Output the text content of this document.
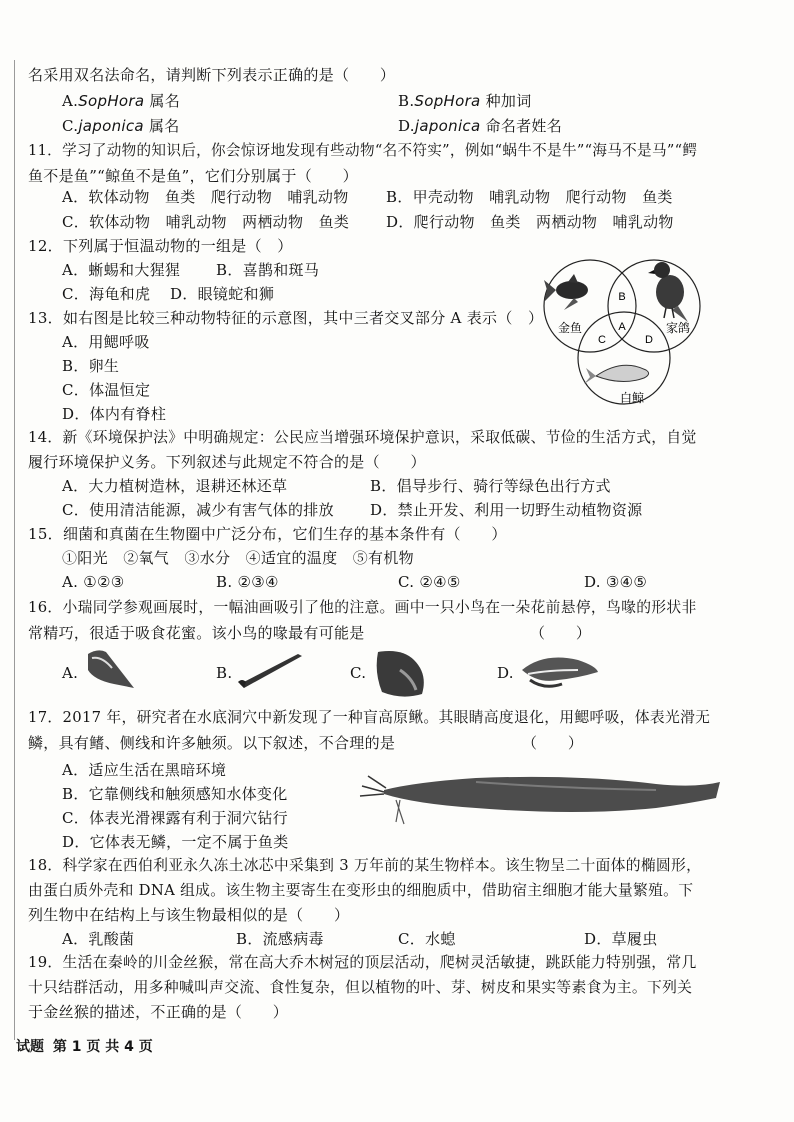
名采用双名法命名，请判断下列表示正确的是（　　）
A.SopHora 属名	B.SopHora 种加词
C.japonica 属名	D.japonica 命名者姓名
11．学习了动物的知识后，你会惊讶地发现有些动物“名不符实”，例如“蜗牛不是牛”“海马不是马”“鳄
鱼不是鱼”“鲸鱼不是鱼”，它们分别属于（　　）
A．软体动物　鱼类　爬行动物　哺乳动物 B．甲壳动物　哺乳动物　爬行动物　鱼类
C．软体动物　哺乳动物　两栖动物　鱼类 D．爬行动物　鱼类　两栖动物　哺乳动物
12．下列属于恒温动物的一组是（　）
A．蜥蜴和大猩猩 B．喜鹊和斑马
C．海龟和虎 D．眼镜蛇和狮
13．如右图是比较三种动物特征的示意图，其中三者交叉部分 A 表示（　）
A．用鳃呼吸
B．卵生
C．体温恒定
D．体内有脊柱
B
A
C	D
金鱼	家鸽
白鲸
14．新《环境保护法》中明确规定：公民应当增强环境保护意识，采取低碳、节俭的生活方式，自觉
履行环境保护义务。下列叙述与此规定不符合的是（　　）
A．大力植树造林，退耕还林还草	B．倡导步行、骑行等绿色出行方式
C．使用清洁能源，减少有害气体的排放 D．禁止开发、利用一切野生动植物资源
15．细菌和真菌在生物圈中广泛分布，它们生存的基本条件有（　　）
①阳光　②氧气　③水分　④适宜的温度　⑤有机物
A. ①②③	B. ②③④	C. ②④⑤	D. ③④⑤
16．小瑞同学参观画展时，一幅油画吸引了他的注意。画中一只小鸟在一朵花前悬停，鸟喙的形状非
常精巧，很适于吸食花蜜。该小鸟的喙最有可能是	（　　）
A.	B.	C.	D.
17．2017 年，研究者在水底洞穴中新发现了一种盲高原鳅。其眼睛高度退化，用鳃呼吸，体表光滑无
鳞，具有鳍、侧线和许多触须。以下叙述，不合理的是	（　　）
A．适应生活在黑暗环境
B．它靠侧线和触须感知水体变化
C．体表光滑裸露有利于洞穴钻行
D．它体表无鳞，一定不属于鱼类
18．科学家在西伯利亚永久冻土冰芯中采集到 3 万年前的某生物样本。该生物呈二十面体的椭圆形，
由蛋白质外壳和 DNA 组成。该生物主要寄生在变形虫的细胞质中，借助宿主细胞才能大量繁殖。下
列生物中在结构上与该生物最相似的是（　　）
A．乳酸菌	B．流感病毒	C．水螅	D．草履虫
19．生活在秦岭的川金丝猴，常在高大乔木树冠的顶层活动，爬树灵活敏捷，跳跃能力特别强，常几
十只结群活动，用多种喊叫声交流、食性复杂，但以植物的叶、芽、树皮和果实等素食为主。下列关
于金丝猴的描述，不正确的是（　　）
试题 第 1 页 共 4 页
